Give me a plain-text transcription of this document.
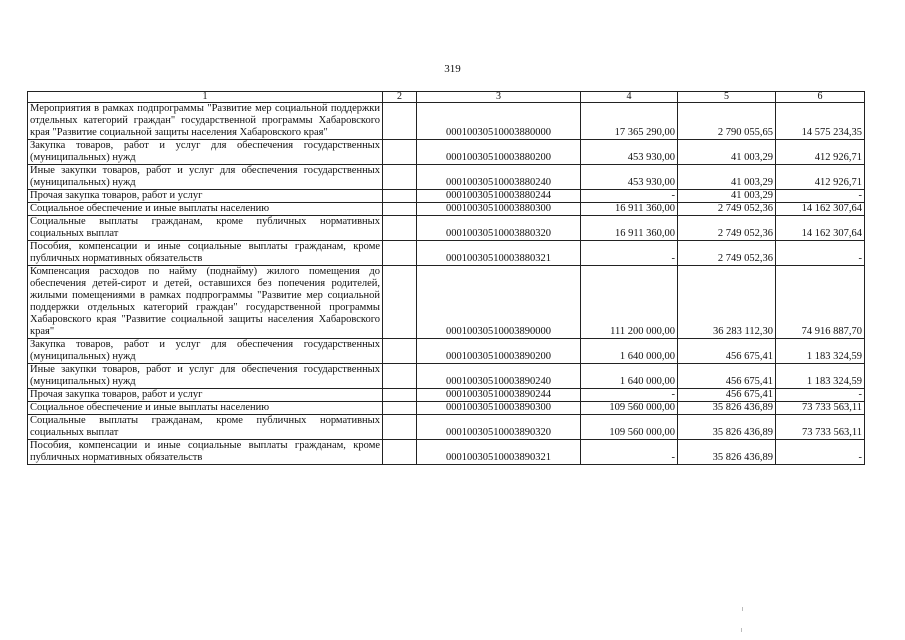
319
1	2	3	4	5	6
Мероприятия в рамках подпрограммы "Развитие мер социальной поддержки отдельных категорий граждан" государственной программы Хабаровского края "Развитие социальной защиты населения Хабаровского края"		00010030510003880000	17 365 290,00	2 790 055,65	14 575 234,35
Закупка товаров, работ и услуг для обеспечения государственных (муниципальных) нужд		00010030510003880200	453 930,00	41 003,29	412 926,71
Иные закупки товаров, работ и услуг для обеспечения государственных (муниципальных) нужд		00010030510003880240	453 930,00	41 003,29	412 926,71
Прочая закупка товаров, работ и услуг		00010030510003880244	-	41 003,29	-
Социальное обеспечение и иные выплаты населению		00010030510003880300	16 911 360,00	2 749 052,36	14 162 307,64
Социальные выплаты гражданам, кроме публичных нормативных социальных выплат		00010030510003880320	16 911 360,00	2 749 052,36	14 162 307,64
Пособия, компенсации и иные социальные выплаты гражданам, кроме публичных нормативных обязательств		00010030510003880321	-	2 749 052,36	-
Компенсация расходов по найму (поднайму) жилого помещения до обеспечения детей-сирот и детей, оставшихся без попечения родителей, жилыми помещениями в рамках подпрограммы "Развитие мер социальной поддержки отдельных категорий граждан" государственной программы Хабаровского края "Развитие социальной защиты населения Хабаровского края"		00010030510003890000	111 200 000,00	36 283 112,30	74 916 887,70
Закупка товаров, работ и услуг для обеспечения государственных (муниципальных) нужд		00010030510003890200	1 640 000,00	456 675,41	1 183 324,59
Иные закупки товаров, работ и услуг для обеспечения государственных (муниципальных) нужд		00010030510003890240	1 640 000,00	456 675,41	1 183 324,59
Прочая закупка товаров, работ и услуг		00010030510003890244	-	456 675,41	-
Социальное обеспечение и иные выплаты населению		00010030510003890300	109 560 000,00	35 826 436,89	73 733 563,11
Социальные выплаты гражданам, кроме публичных нормативных социальных выплат		00010030510003890320	109 560 000,00	35 826 436,89	73 733 563,11
Пособия, компенсации и иные социальные выплаты гражданам, кроме публичных нормативных обязательств		00010030510003890321	-	35 826 436,89	-
